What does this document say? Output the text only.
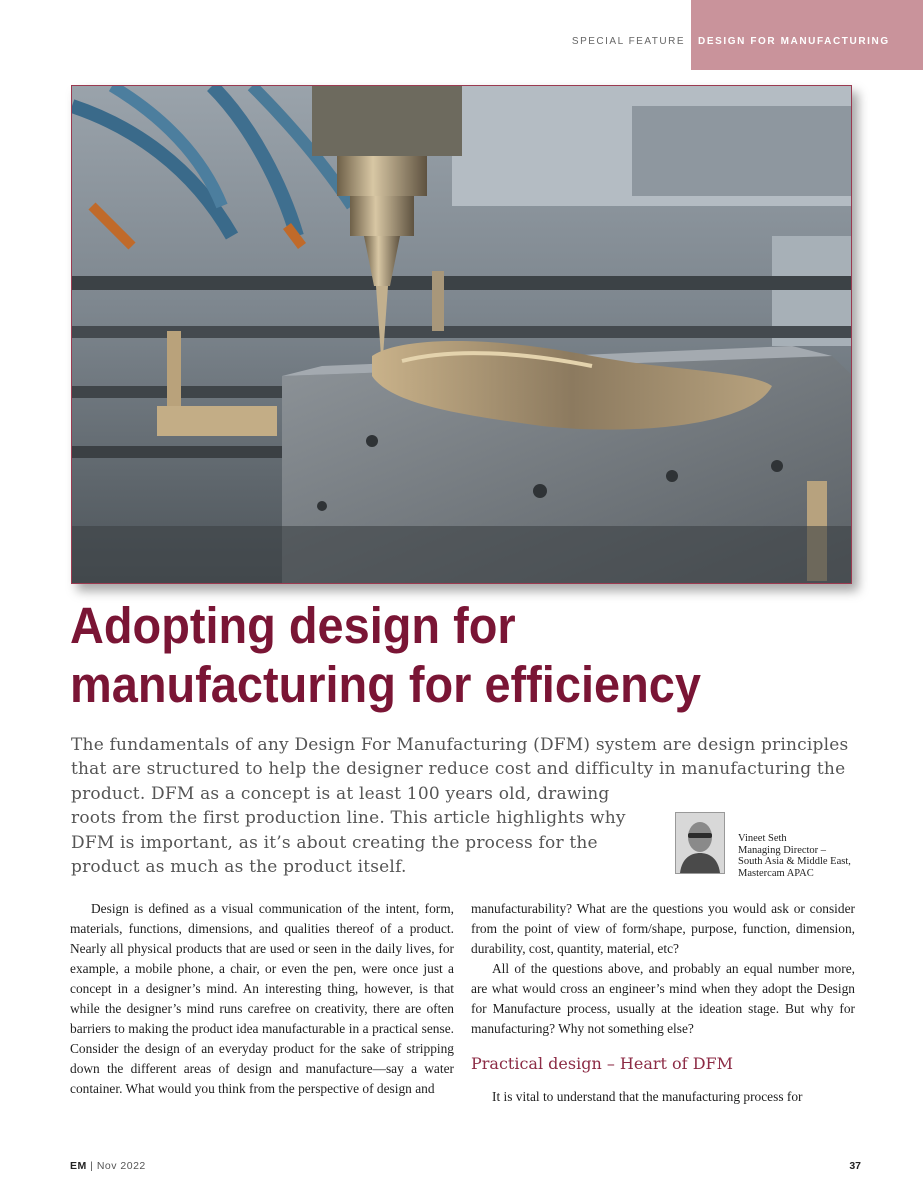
SPECIAL FEATURE	DESIGN FOR MANUFACTURING
Adopting design for manufacturing for efficiency
The fundamentals of any Design For Manufacturing (DFM) system are design principles that are structured to help the designer reduce cost and difficulty in manufacturing the
product. DFM as a concept is at least 100 years old, drawing roots from the first production line. This article highlights why DFM is important, as it’s about creating the process for the product as much as the product itself.
Vineet Seth
Managing Director –
South Asia & Middle East,
Mastercam APAC

Design is defined as a visual communication of the intent, form, materials, functions, dimensions, and qualities thereof of a product. Nearly all physical products that are used or seen in the daily lives, for example, a mobile phone, a chair, or even the pen, were once just a concept in a designer’s mind. An interesting thing, however, is that while the designer’s mind runs carefree on creativity, there are often barriers to making the product idea manufacturable in a practical sense. Consider the design of an everyday product for the sake of stripping down the different areas of design and manufacture—say a water container. What would you think from the perspective of design and

manufacturability? What are the questions you would ask or consider from the point of view of form/shape, purpose, function, dimension, durability, cost, quantity, material, etc?

All of the questions above, and probably an equal number more, are what would cross an engineer’s mind when they adopt the Design for Manufacture process, usually at the ideation stage. But why for manufacturing? Why not something else?

Practical design – Heart of DFM

It is vital to understand that the manufacturing process for

EM | Nov 2022	37
